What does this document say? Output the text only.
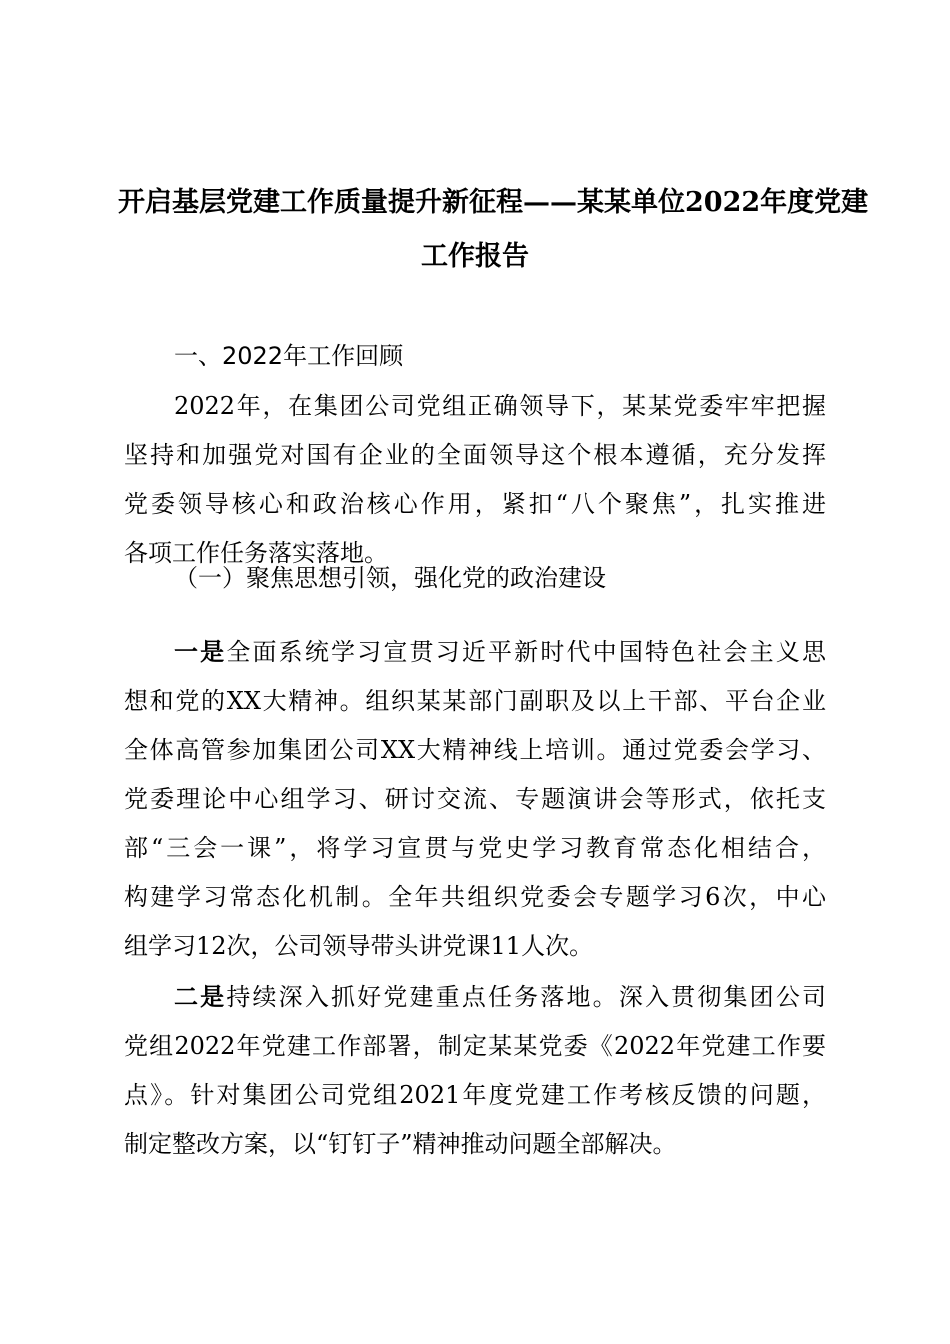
开启基层党建工作质量提升新征程——某某单位2022年度党建
工作报告

一、2022年工作回顾

2022年，在集团公司党组正确领导下，某某党委牢牢把握
坚持和加强党对国有企业的全面领导这个根本遵循，充分发挥
党委领导核心和政治核心作用，紧扣“八个聚焦”，扎实推进
各项工作任务落实落地。

（一）聚焦思想引领，强化党的政治建设

一是全面系统学习宣贯习近平新时代中国特色社会主义思
想和党的XX大精神。组织某某部门副职及以上干部、平台企业
全体高管参加集团公司XX大精神线上培训。通过党委会学习、
党委理论中心组学习、研讨交流、专题演讲会等形式，依托支
部“三会一课”，将学习宣贯与党史学习教育常态化相结合，
构建学习常态化机制。全年共组织党委会专题学习6次，中心
组学习12次，公司领导带头讲党课11人次。

二是持续深入抓好党建重点任务落地。深入贯彻集团公司
党组2022年党建工作部署，制定某某党委《2022年党建工作要
点》。针对集团公司党组2021年度党建工作考核反馈的问题，
制定整改方案，以“钉钉子”精神推动问题全部解决。
